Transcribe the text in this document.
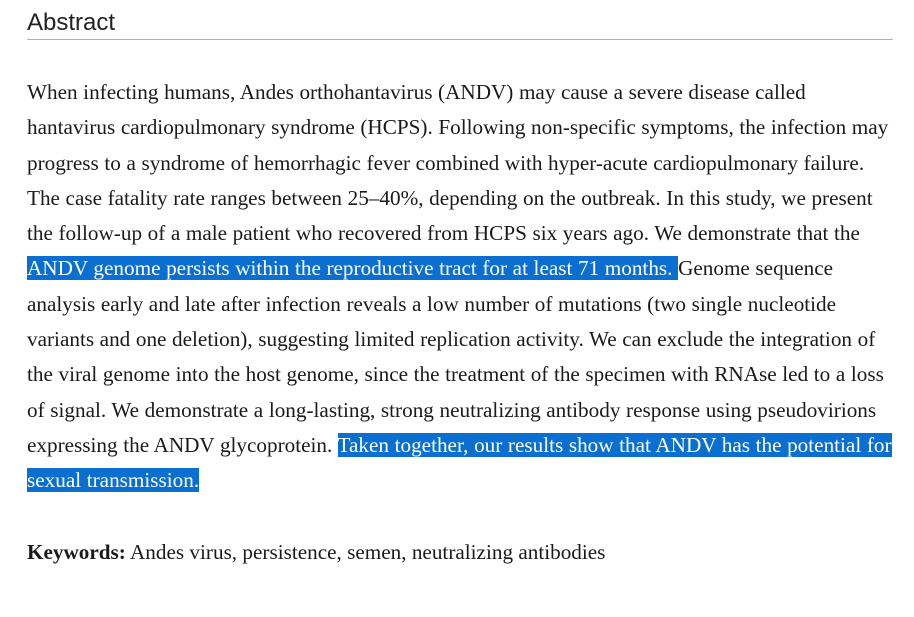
Abstract

When infecting humans, Andes orthohantavirus (ANDV) may cause a severe disease called hantavirus cardiopulmonary syndrome (HCPS). Following non-specific symptoms, the infection may progress to a syndrome of hemorrhagic fever combined with hyper-acute cardiopulmonary failure. The case fatality rate ranges between 25–40%, depending on the outbreak. In this study, we present the follow-up of a male patient who recovered from HCPS six years ago. We demonstrate that the ANDV genome persists within the reproductive tract for at least 71 months. Genome sequence analysis early and late after infection reveals a low number of mutations (two single nucleotide variants and one deletion), suggesting limited replication activity. We can exclude the integration of the viral genome into the host genome, since the treatment of the specimen with RNAse led to a loss of signal. We demonstrate a long-lasting, strong neutralizing antibody response using pseudovirions expressing the ANDV glycoprotein. Taken together, our results show that ANDV has the potential for sexual transmission.

Keywords: Andes virus, persistence, semen, neutralizing antibodies
